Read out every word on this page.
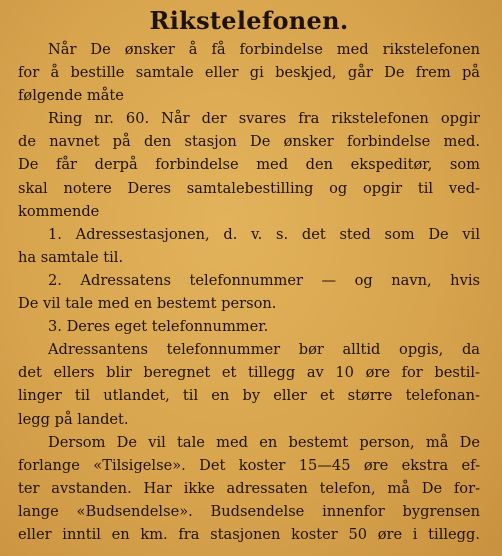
Rikstelefonen.
Når De ønsker å få forbindelse med rikstelefonen
for å bestille samtale eller gi beskjed, går De frem på
følgende måte
Ring nr. 60. Når der svares fra rikstelefonen opgir
de navnet på den stasjon De ønsker forbindelse med.
De får derpå forbindelse med den ekspeditør, som
skal notere Deres samtalebestilling og opgir til ved-
kommende
1. Adressestasjonen, d. v. s. det sted som De vil
ha samtale til.
2. Adressatens telefonnummer — og navn, hvis
De vil tale med en bestemt person.
3. Deres eget telefonnummer.
Adressantens telefonnummer bør alltid opgis, da
det ellers blir beregnet et tillegg av 10 øre for bestil-
linger til utlandet, til en by eller et større telefonan-
legg på landet.
Dersom De vil tale med en bestemt person, må De
forlange «Tilsigelse». Det koster 15—45 øre ekstra ef-
ter avstanden. Har ikke adressaten telefon, må De for-
lange «Budsendelse». Budsendelse innenfor bygrensen
eller inntil en km. fra stasjonen koster 50 øre i tillegg.
